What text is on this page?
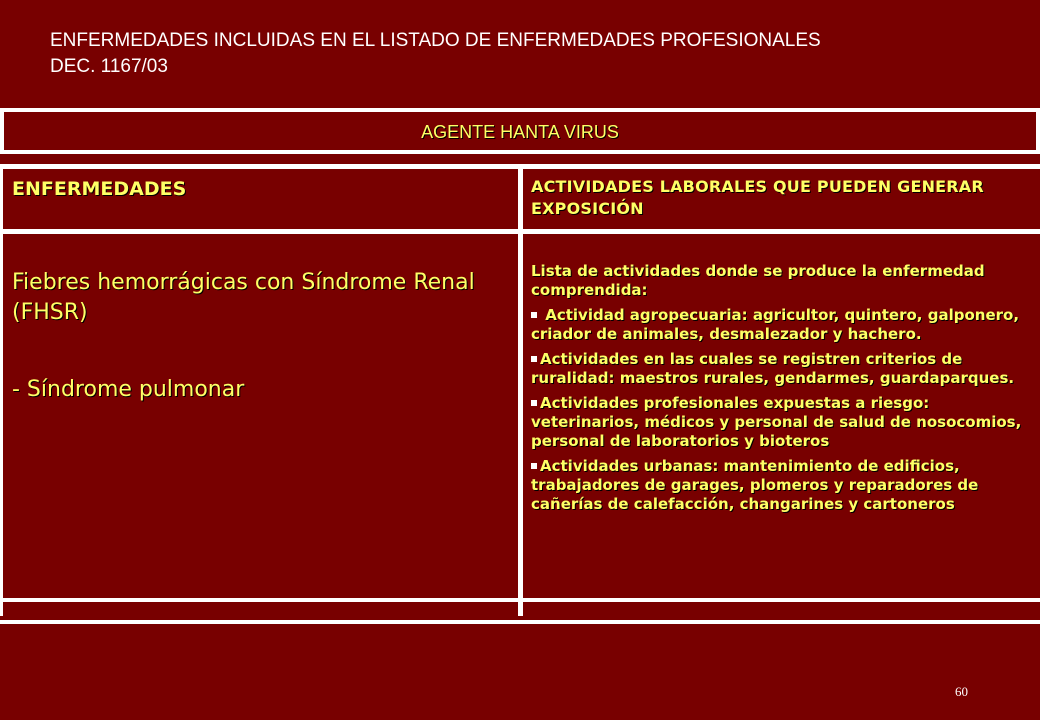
ENFERMEDADES INCLUIDAS EN EL LISTADO DE ENFERMEDADES PROFESIONALES
DEC. 1167/03
AGENTE HANTA VIRUS
ENFERMEDADES	ACTIVIDADES LABORALES QUE PUEDEN GENERAR EXPOSICIÓN
Fiebres hemorrágicas con Síndrome Renal (FHSR)
- Síndrome pulmonar

Lista de actividades donde se produce la enfermedad comprendida:

Actividad agropecuaria: agricultor, quintero, galponero, criador de animales, desmalezador y hachero.

Actividades en las cuales se registren criterios de ruralidad: maestros rurales, gendarmes, guardaparques.

Actividades profesionales expuestas a riesgo: veterinarios, médicos y personal de salud de nosocomios, personal de laboratorios y bioteros

Actividades urbanas: mantenimiento de edificios, trabajadores de garages, plomeros y reparadores de cañerías de calefacción, changarines y cartoneros

60
